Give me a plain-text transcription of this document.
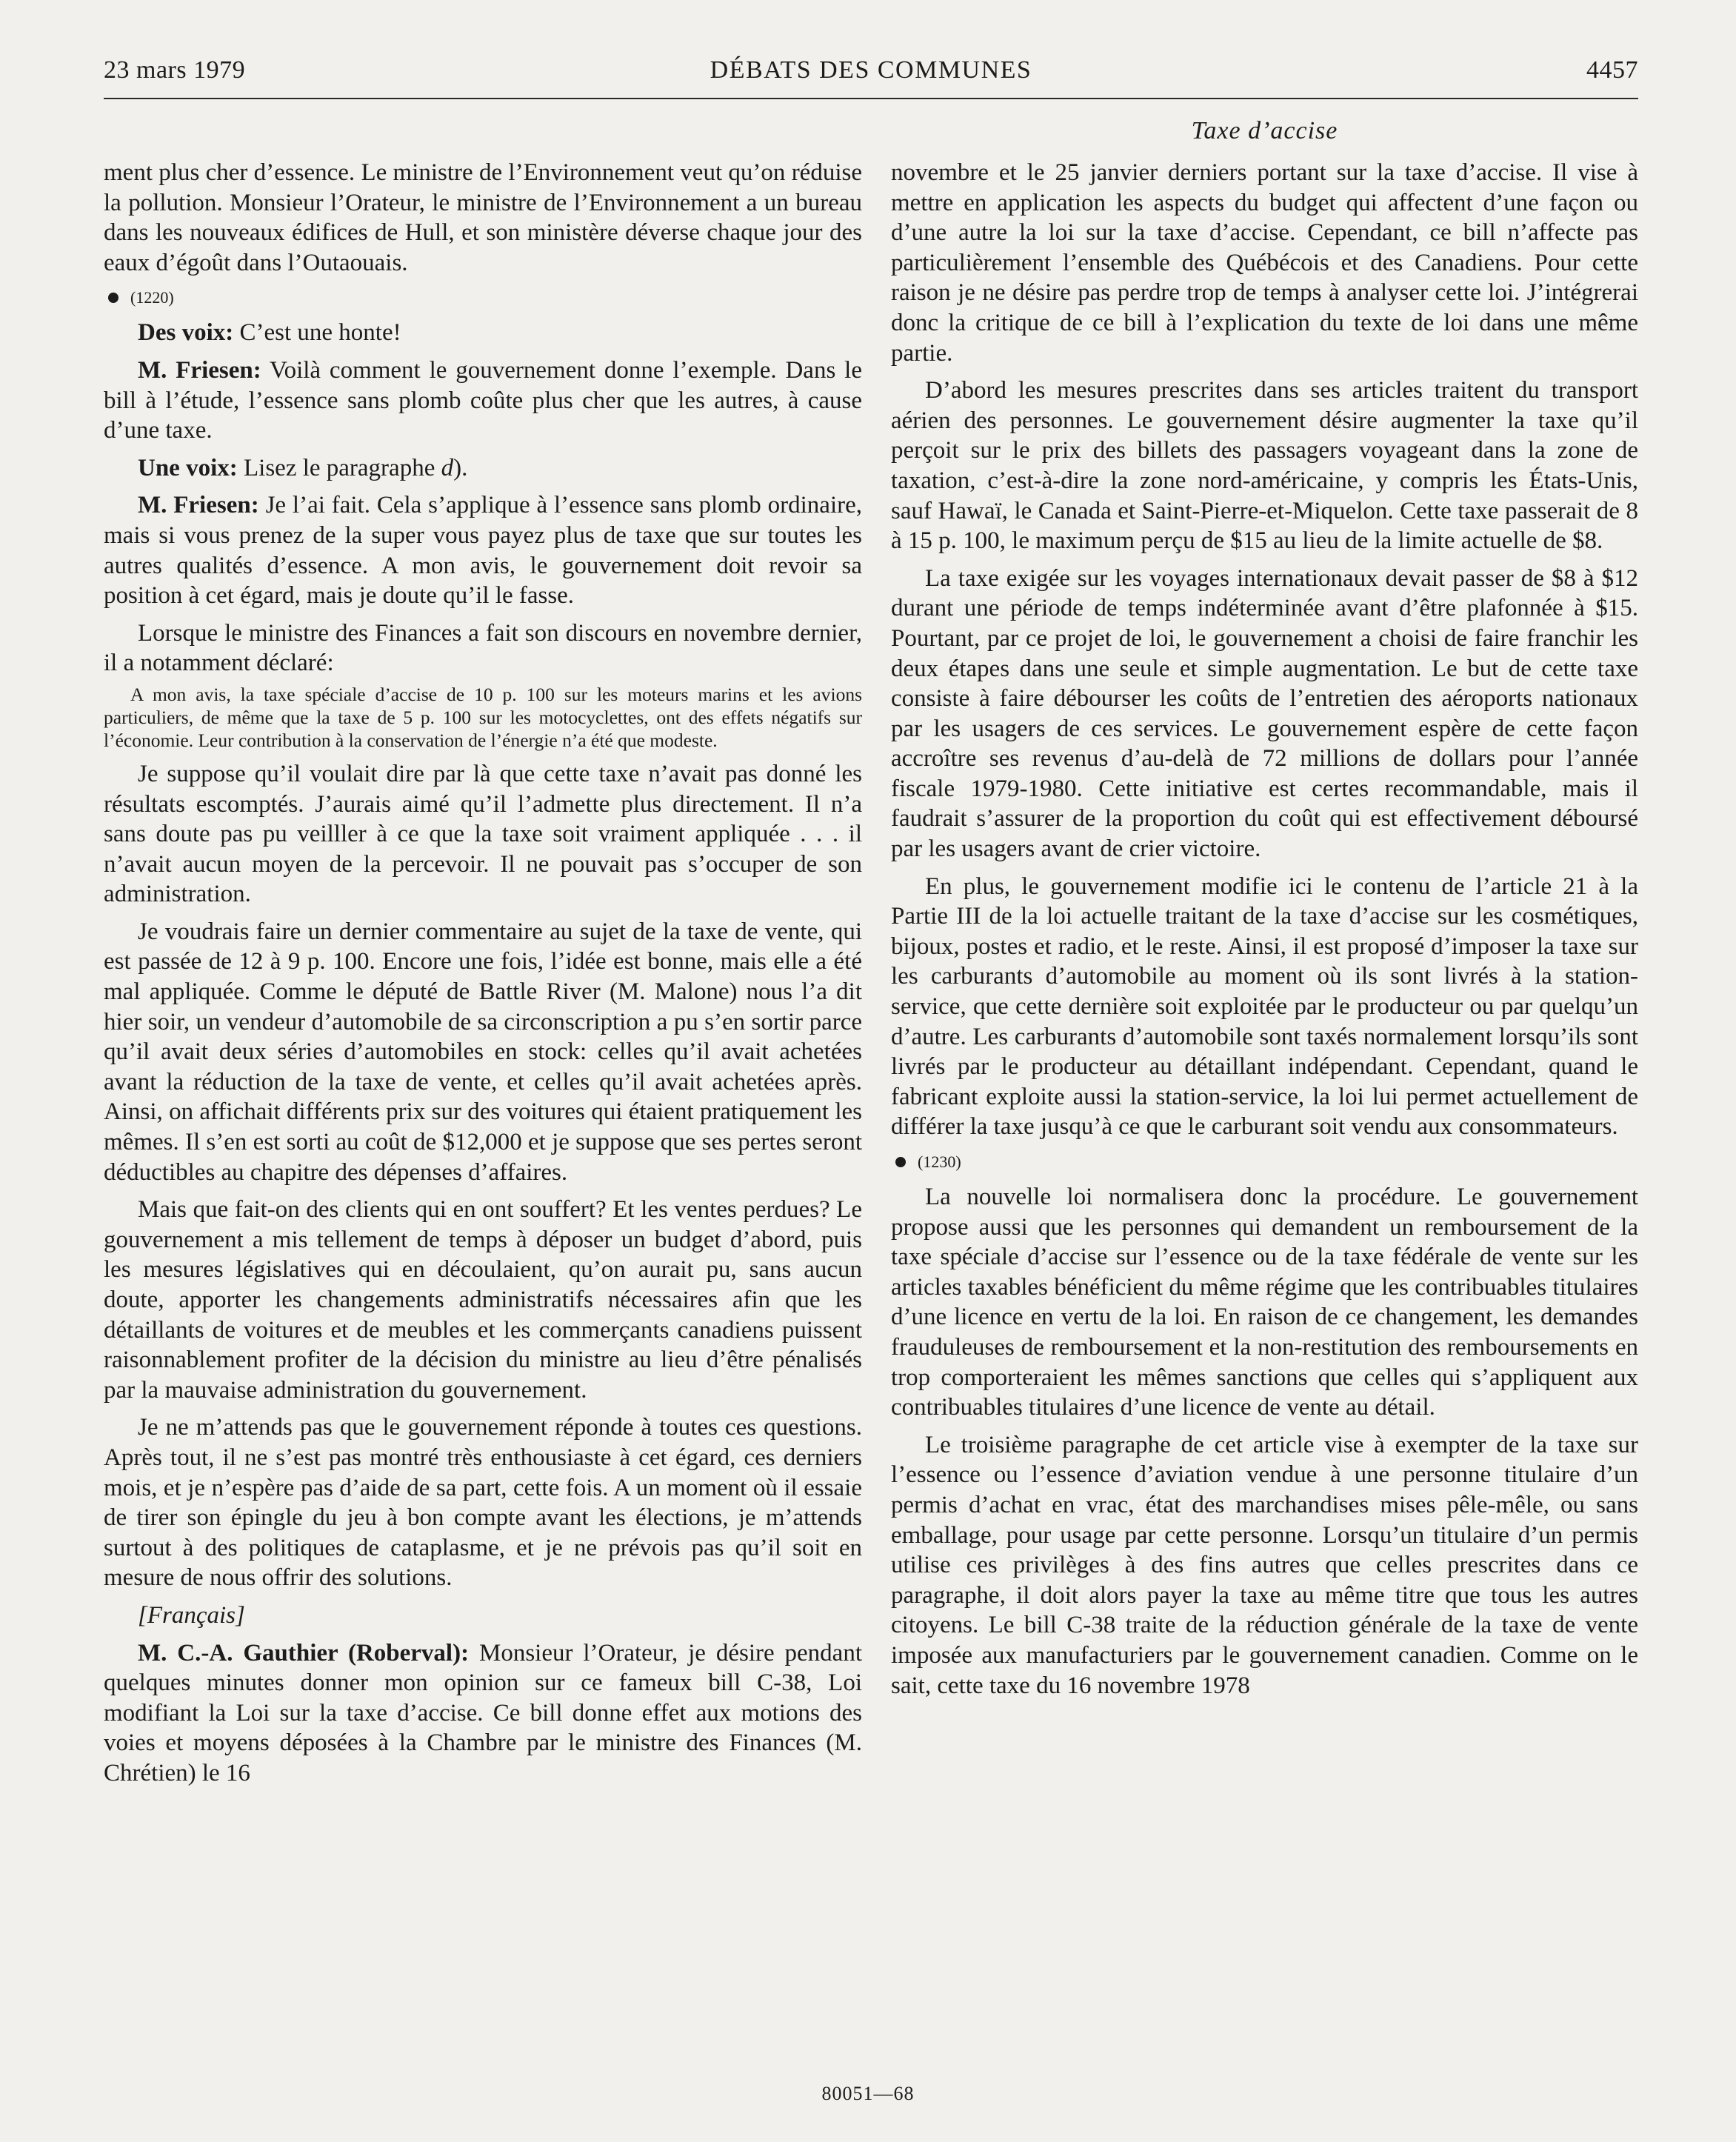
23 mars 1979	DÉBATS DES COMMUNES	4457
Taxe d’accise

ment plus cher d’essence. Le ministre de l’Environnement veut qu’on réduise la pollution. Monsieur l’Orateur, le ministre de l’Environnement a un bureau dans les nouveaux édifices de Hull, et son ministère déverse chaque jour des eaux d’égoût dans l’Outaouais.

(1220)

Des voix: C’est une honte!

M. Friesen: Voilà comment le gouvernement donne l’exemple. Dans le bill à l’étude, l’essence sans plomb coûte plus cher que les autres, à cause d’une taxe.

Une voix: Lisez le paragraphe d).

M. Friesen: Je l’ai fait. Cela s’applique à l’essence sans plomb ordinaire, mais si vous prenez de la super vous payez plus de taxe que sur toutes les autres qualités d’essence. A mon avis, le gouvernement doit revoir sa position à cet égard, mais je doute qu’il le fasse.

Lorsque le ministre des Finances a fait son discours en novembre dernier, il a notamment déclaré:

A mon avis, la taxe spéciale d’accise de 10 p. 100 sur les moteurs marins et les avions particuliers, de même que la taxe de 5 p. 100 sur les motocyclettes, ont des effets négatifs sur l’économie. Leur contribution à la conservation de l’énergie n’a été que modeste.

Je suppose qu’il voulait dire par là que cette taxe n’avait pas donné les résultats escomptés. J’aurais aimé qu’il l’admette plus directement. Il n’a sans doute pas pu veilller à ce que la taxe soit vraiment appliquée . . . il n’avait aucun moyen de la percevoir. Il ne pouvait pas s’occuper de son administration.

Je voudrais faire un dernier commentaire au sujet de la taxe de vente, qui est passée de 12 à 9 p. 100. Encore une fois, l’idée est bonne, mais elle a été mal appliquée. Comme le député de Battle River (M. Malone) nous l’a dit hier soir, un vendeur d’automobile de sa circonscription a pu s’en sortir parce qu’il avait deux séries d’automobiles en stock: celles qu’il avait achetées avant la réduction de la taxe de vente, et celles qu’il avait achetées après. Ainsi, on affichait différents prix sur des voitures qui étaient pratiquement les mêmes. Il s’en est sorti au coût de $12,000 et je suppose que ses pertes seront déductibles au chapitre des dépenses d’affaires.

Mais que fait-on des clients qui en ont souffert? Et les ventes perdues? Le gouvernement a mis tellement de temps à déposer un budget d’abord, puis les mesures législatives qui en découlaient, qu’on aurait pu, sans aucun doute, apporter les changements administratifs nécessaires afin que les détaillants de voitures et de meubles et les commerçants canadiens puissent raisonnablement profiter de la décision du ministre au lieu d’être pénalisés par la mauvaise administration du gouvernement.

Je ne m’attends pas que le gouvernement réponde à toutes ces questions. Après tout, il ne s’est pas montré très enthousiaste à cet égard, ces derniers mois, et je n’espère pas d’aide de sa part, cette fois. A un moment où il essaie de tirer son épingle du jeu à bon compte avant les élections, je m’attends surtout à des politiques de cataplasme, et je ne prévois pas qu’il soit en mesure de nous offrir des solutions.

[Français]

M. C.-A. Gauthier (Roberval): Monsieur l’Orateur, je désire pendant quelques minutes donner mon opinion sur ce fameux bill C-38, Loi modifiant la Loi sur la taxe d’accise. Ce bill donne effet aux motions des voies et moyens déposées à la Chambre par le ministre des Finances (M. Chrétien) le 16

novembre et le 25 janvier derniers portant sur la taxe d’accise. Il vise à mettre en application les aspects du budget qui affectent d’une façon ou d’une autre la loi sur la taxe d’accise. Cependant, ce bill n’affecte pas particulièrement l’ensemble des Québécois et des Canadiens. Pour cette raison je ne désire pas perdre trop de temps à analyser cette loi. J’intégrerai donc la critique de ce bill à l’explication du texte de loi dans une même partie.

D’abord les mesures prescrites dans ses articles traitent du transport aérien des personnes. Le gouvernement désire augmenter la taxe qu’il perçoit sur le prix des billets des passagers voyageant dans la zone de taxation, c’est-à-dire la zone nord-américaine, y compris les États-Unis, sauf Hawaï, le Canada et Saint-Pierre-et-Miquelon. Cette taxe passerait de 8 à 15 p. 100, le maximum perçu de $15 au lieu de la limite actuelle de $8.

La taxe exigée sur les voyages internationaux devait passer de $8 à $12 durant une période de temps indéterminée avant d’être plafonnée à $15. Pourtant, par ce projet de loi, le gouvernement a choisi de faire franchir les deux étapes dans une seule et simple augmentation. Le but de cette taxe consiste à faire débourser les coûts de l’entretien des aéroports nationaux par les usagers de ces services. Le gouvernement espère de cette façon accroître ses revenus d’au-delà de 72 millions de dollars pour l’année fiscale 1979-1980. Cette initiative est certes recommandable, mais il faudrait s’assurer de la proportion du coût qui est effectivement déboursé par les usagers avant de crier victoire.

En plus, le gouvernement modifie ici le contenu de l’article 21 à la Partie III de la loi actuelle traitant de la taxe d’accise sur les cosmétiques, bijoux, postes et radio, et le reste. Ainsi, il est proposé d’imposer la taxe sur les carburants d’automobile au moment où ils sont livrés à la station-service, que cette dernière soit exploitée par le producteur ou par quelqu’un d’autre. Les carburants d’automobile sont taxés normalement lorsqu’ils sont livrés par le producteur au détaillant indépendant. Cependant, quand le fabricant exploite aussi la station-service, la loi lui permet actuellement de différer la taxe jusqu’à ce que le carburant soit vendu aux consommateurs.

(1230)

La nouvelle loi normalisera donc la procédure. Le gouvernement propose aussi que les personnes qui demandent un remboursement de la taxe spéciale d’accise sur l’essence ou de la taxe fédérale de vente sur les articles taxables bénéficient du même régime que les contribuables titulaires d’une licence en vertu de la loi. En raison de ce changement, les demandes frauduleuses de remboursement et la non-restitution des remboursements en trop comporteraient les mêmes sanctions que celles qui s’appliquent aux contribuables titulaires d’une licence de vente au détail.

Le troisième paragraphe de cet article vise à exempter de la taxe sur l’essence ou l’essence d’aviation vendue à une personne titulaire d’un permis d’achat en vrac, état des marchandises mises pêle-mêle, ou sans emballage, pour usage par cette personne. Lorsqu’un titulaire d’un permis utilise ces privilèges à des fins autres que celles prescrites dans ce paragraphe, il doit alors payer la taxe au même titre que tous les autres citoyens. Le bill C-38 traite de la réduction générale de la taxe de vente imposée aux manufacturiers par le gouvernement canadien. Comme on le sait, cette taxe du 16 novembre 1978

80051—68
